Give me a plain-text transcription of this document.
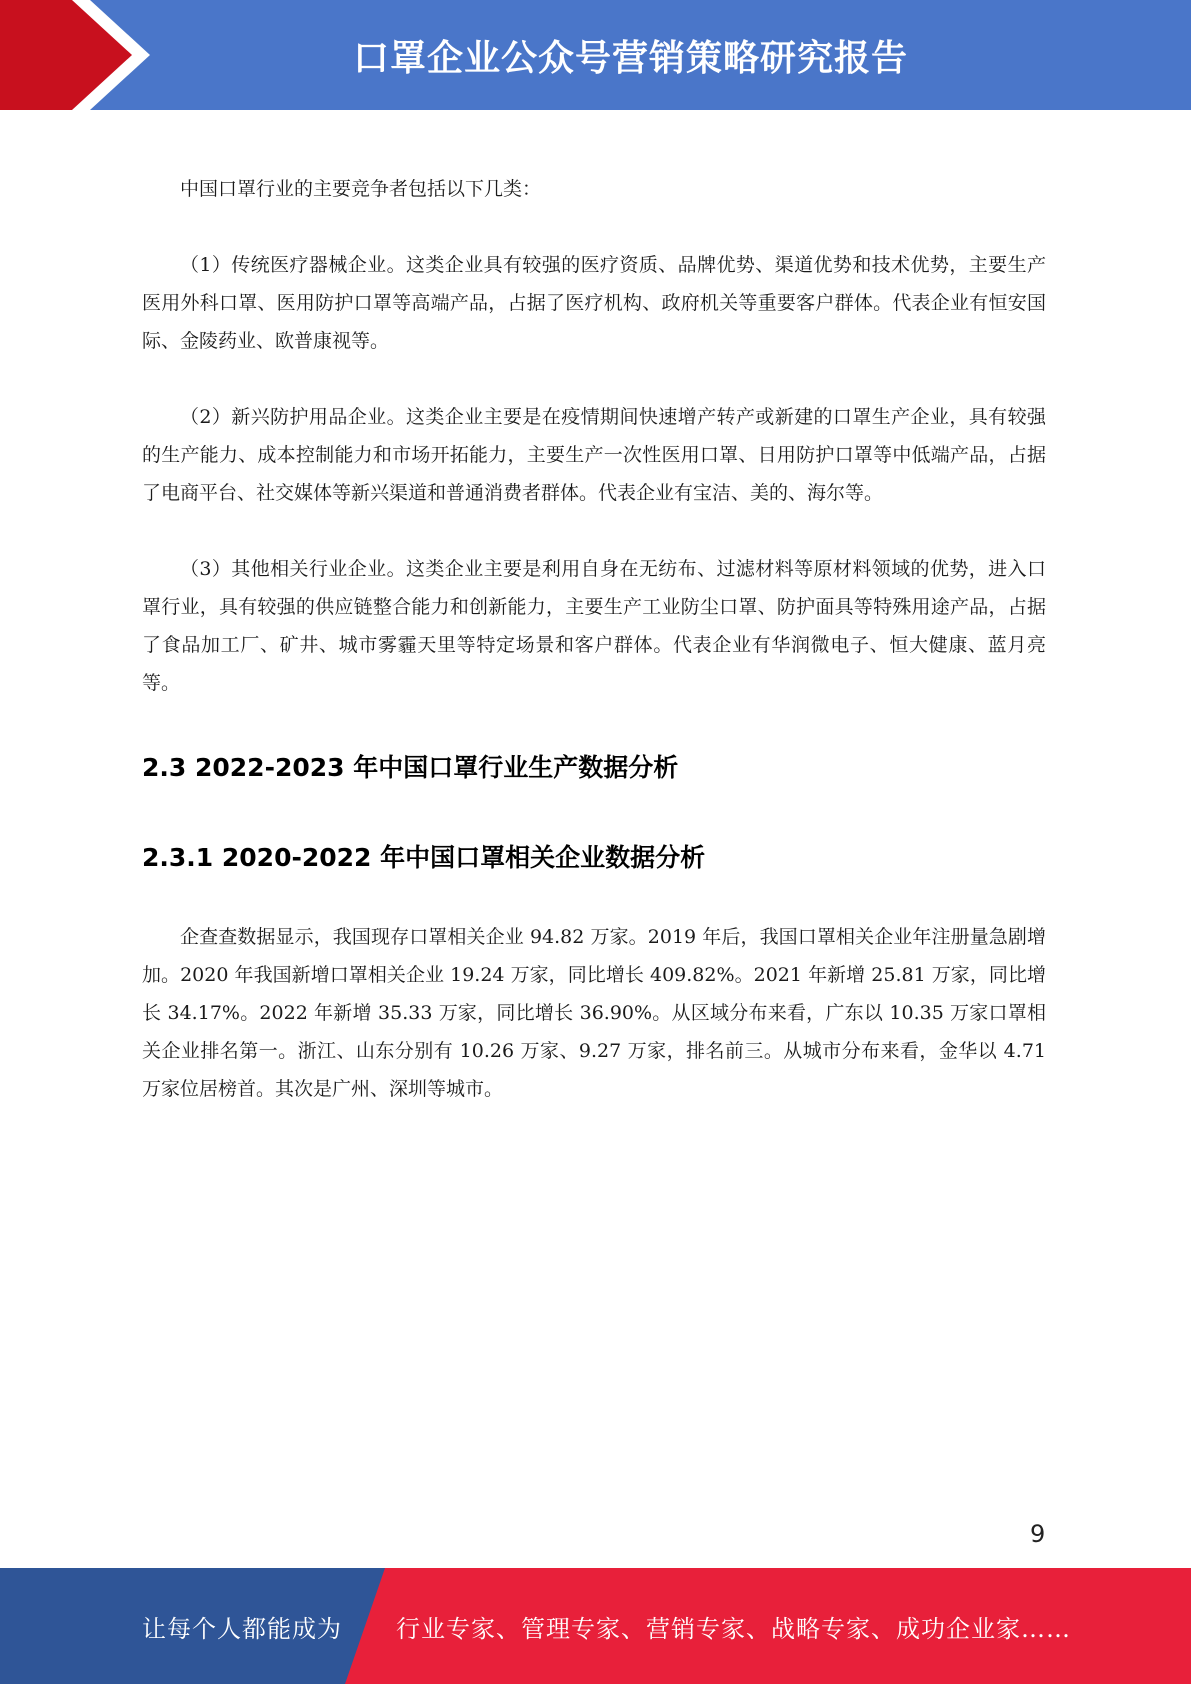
口罩企业公众号营销策略研究报告

中国口罩行业的主要竞争者包括以下几类：

（1）传统医疗器械企业。这类企业具有较强的医疗资质、品牌优势、渠道优势和技术优势，主要生产医用外科口罩、医用防护口罩等高端产品，占据了医疗机构、政府机关等重要客户群体。代表企业有恒安国际、金陵药业、欧普康视等。

（2）新兴防护用品企业。这类企业主要是在疫情期间快速增产转产或新建的口罩生产企业，具有较强的生产能力、成本控制能力和市场开拓能力，主要生产一次性医用口罩、日用防护口罩等中低端产品，占据了电商平台、社交媒体等新兴渠道和普通消费者群体。代表企业有宝洁、美的、海尔等。

（3）其他相关行业企业。这类企业主要是利用自身在无纺布、过滤材料等原材料领域的优势，进入口罩行业，具有较强的供应链整合能力和创新能力，主要生产工业防尘口罩、防护面具等特殊用途产品，占据了食品加工厂、矿井、城市雾霾天里等特定场景和客户群体。代表企业有华润微电子、恒大健康、蓝月亮等。

2.3 2022-2023 年中国口罩行业生产数据分析
2.3.1 2020-2022 年中国口罩相关企业数据分析

企查查数据显示，我国现存口罩相关企业 94.82 万家。2019 年后，我国口罩相关企业年注册量急剧增加。2020 年我国新增口罩相关企业 19.24 万家，同比增长 409.82%。2021 年新增 25.81 万家，同比增长 34.17%。2022 年新增 35.33 万家，同比增长 36.90%。从区域分布来看，广东以 10.35 万家口罩相关企业排名第一。浙江、山东分别有 10.26 万家、9.27 万家，排名前三。从城市分布来看，金华以 4.71 万家位居榜首。其次是广州、深圳等城市。

9
让每个人都能成为 行业专家、管理专家、营销专家、战略专家、成功企业家……
